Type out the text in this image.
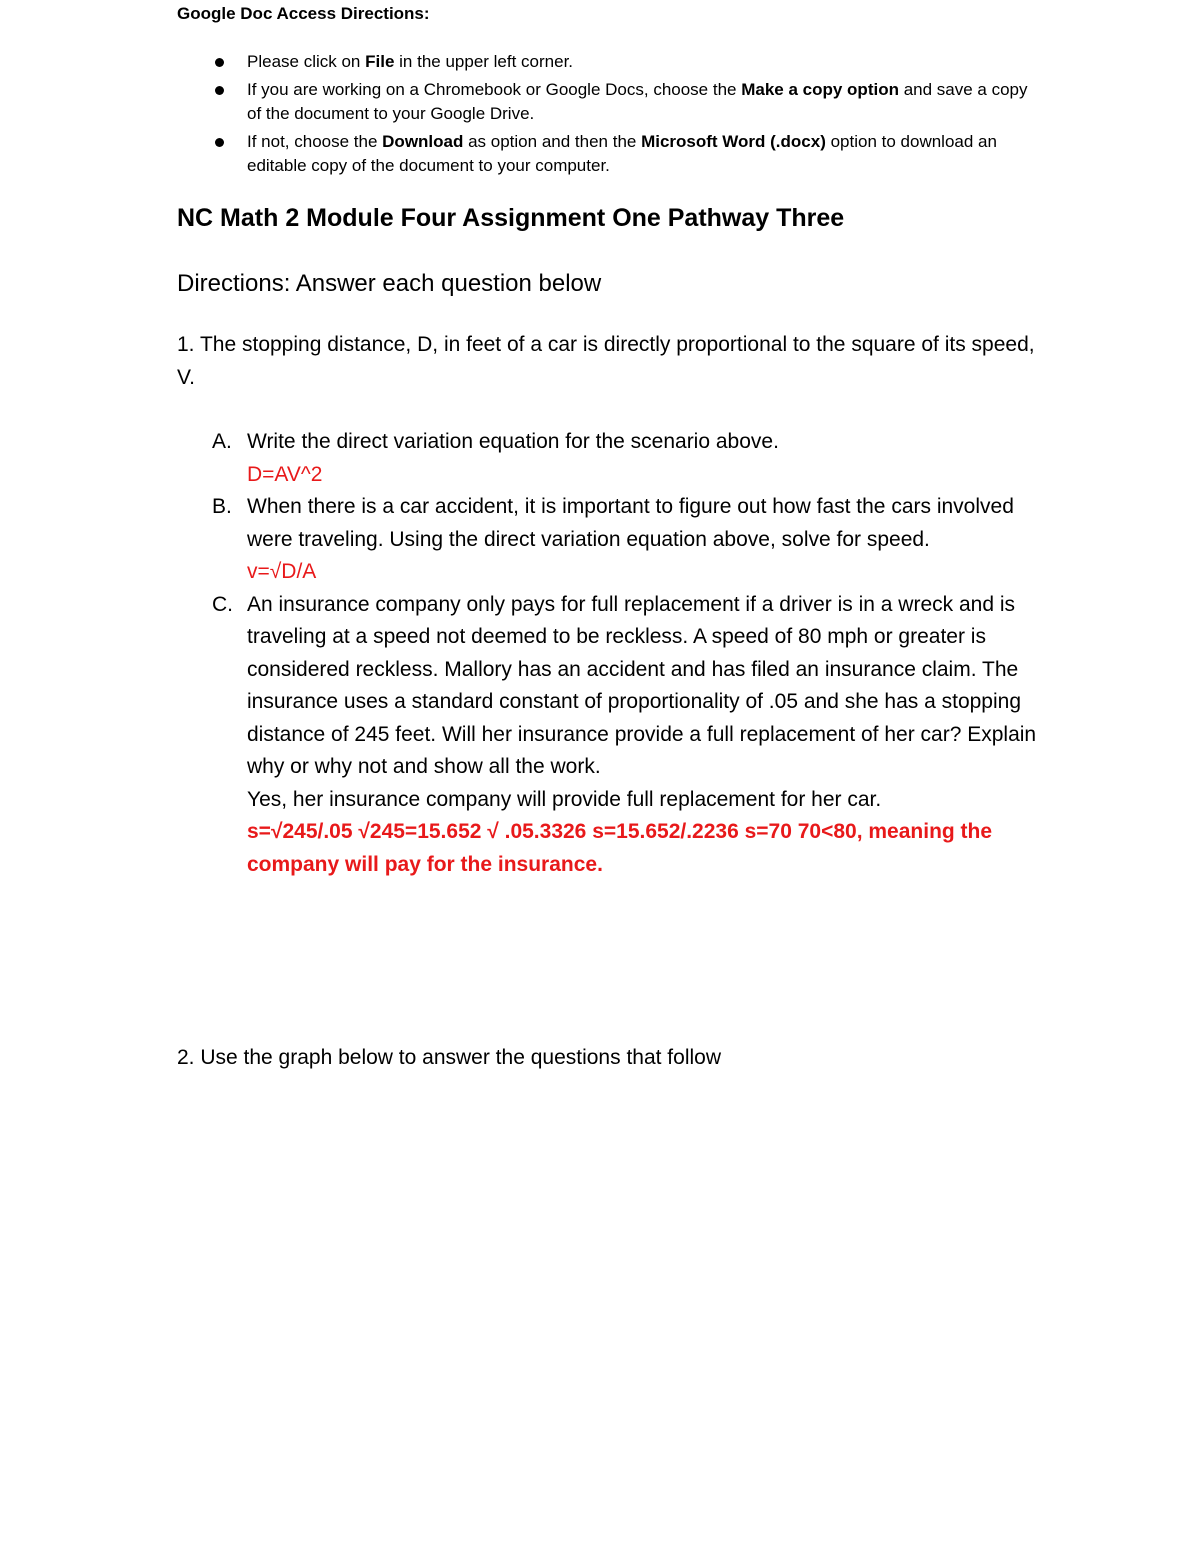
Google Doc Access Directions:
Please click on File in the upper left corner.
If you are working on a Chromebook or Google Docs, choose the Make a copy option and save a copy of the document to your Google Drive.
If not, choose the Download as option and then the Microsoft Word (.docx) option to download an editable copy of the document to your computer.
NC Math 2 Module Four Assignment One Pathway Three
Directions: Answer each question below
1. The stopping distance, D, in feet of a car is directly proportional to the square of its speed, V.
A. Write the direct variation equation for the scenario above.
D=AV^2
B. When there is a car accident, it is important to figure out how fast the cars involved were traveling. Using the direct variation equation above, solve for speed.
v=√D/A
C. An insurance company only pays for full replacement if a driver is in a wreck and is traveling at a speed not deemed to be reckless. A speed of 80 mph or greater is considered reckless. Mallory has an accident and has filed an insurance claim. The insurance uses a standard constant of proportionality of .05 and she has a stopping distance of 245 feet. Will her insurance provide a full replacement of her car? Explain why or why not and show all the work.
Yes, her insurance company will provide full replacement for her car.
s=√245/.05 √245=15.652 √ .05.3326 s=15.652/.2236 s=70 70<80, meaning the company will pay for the insurance.
2. Use the graph below to answer the questions that follow
